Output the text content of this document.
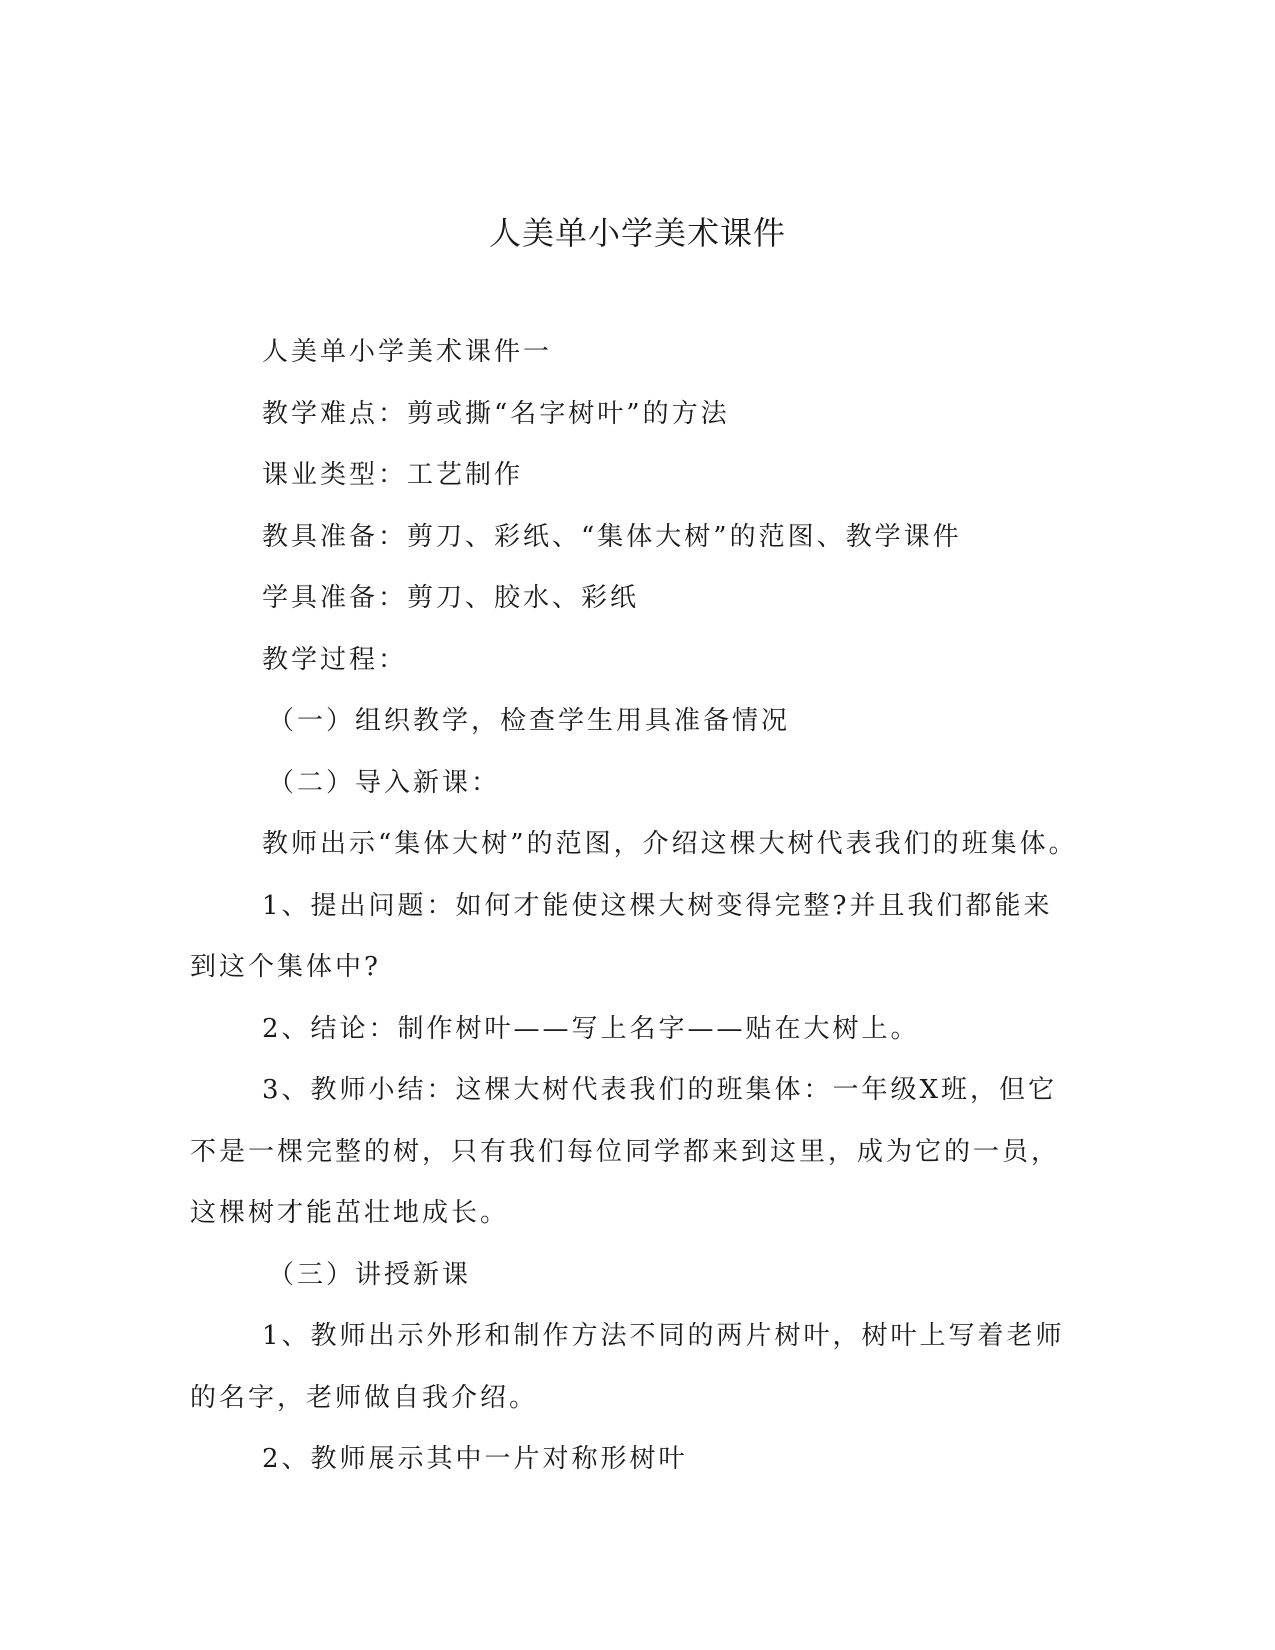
人美单小学美术课件

人美单小学美术课件一

教学难点：剪或撕“名字树叶”的方法

课业类型：工艺制作

教具准备：剪刀、彩纸、“集体大树”的范图、教学课件

学具准备：剪刀、胶水、彩纸

教学过程：

（一）组织教学，检查学生用具准备情况

（二）导入新课：

教师出示“集体大树”的范图，介绍这棵大树代表我们的班集体。

1、提出问题：如何才能使这棵大树变得完整?并且我们都能来到这个集体中?

2、结论：制作树叶——写上名字——贴在大树上。

3、教师小结：这棵大树代表我们的班集体：一年级X班，但它不是一棵完整的树，只有我们每位同学都来到这里，成为它的一员，这棵树才能茁壮地成长。

（三）讲授新课

1、教师出示外形和制作方法不同的两片树叶，树叶上写着老师的名字，老师做自我介绍。

2、教师展示其中一片对称形树叶
